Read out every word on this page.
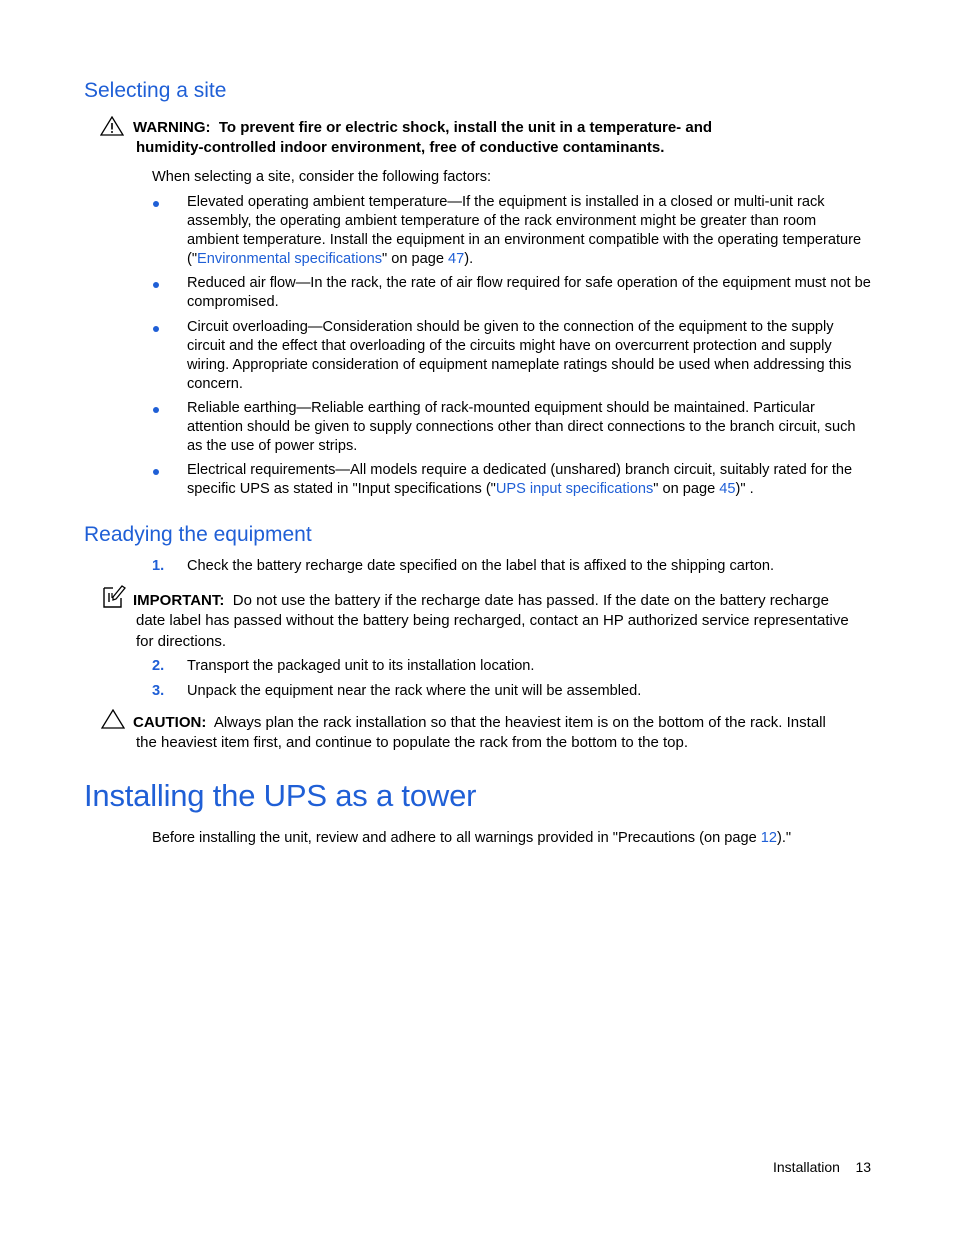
Selecting a site
WARNING: To prevent fire or electric shock, install the unit in a temperature- and
humidity-controlled indoor environment, free of conductive contaminants.
When selecting a site, consider the following factors:
Elevated operating ambient temperature—If the equipment is installed in a closed or multi-unit rack assembly, the operating ambient temperature of the rack environment might be greater than room ambient temperature. Install the equipment in an environment compatible with the operating temperature ("Environmental specifications" on page 47).
Reduced air flow—In the rack, the rate of air flow required for safe operation of the equipment must not be compromised.
Circuit overloading—Consideration should be given to the connection of the equipment to the supply circuit and the effect that overloading of the circuits might have on overcurrent protection and supply wiring. Appropriate consideration of equipment nameplate ratings should be used when addressing this concern.
Reliable earthing—Reliable earthing of rack-mounted equipment should be maintained. Particular attention should be given to supply connections other than direct connections to the branch circuit, such as the use of power strips.
Electrical requirements—All models require a dedicated (unshared) branch circuit, suitably rated for the specific UPS as stated in "Input specifications ("UPS input specifications" on page 45)" .
Readying the equipment
1. Check the battery recharge date specified on the label that is affixed to the shipping carton.
IMPORTANT: Do not use the battery if the recharge date has passed. If the date on the battery recharge
date label has passed without the battery being recharged, contact an HP authorized service representative
for directions.
2. Transport the packaged unit to its installation location.
3. Unpack the equipment near the rack where the unit will be assembled.
CAUTION: Always plan the rack installation so that the heaviest item is on the bottom of the rack. Install
the heaviest item first, and continue to populate the rack from the bottom to the top.
Installing the UPS as a tower
Before installing the unit, review and adhere to all warnings provided in "Precautions (on page 12)."
Installation 13
